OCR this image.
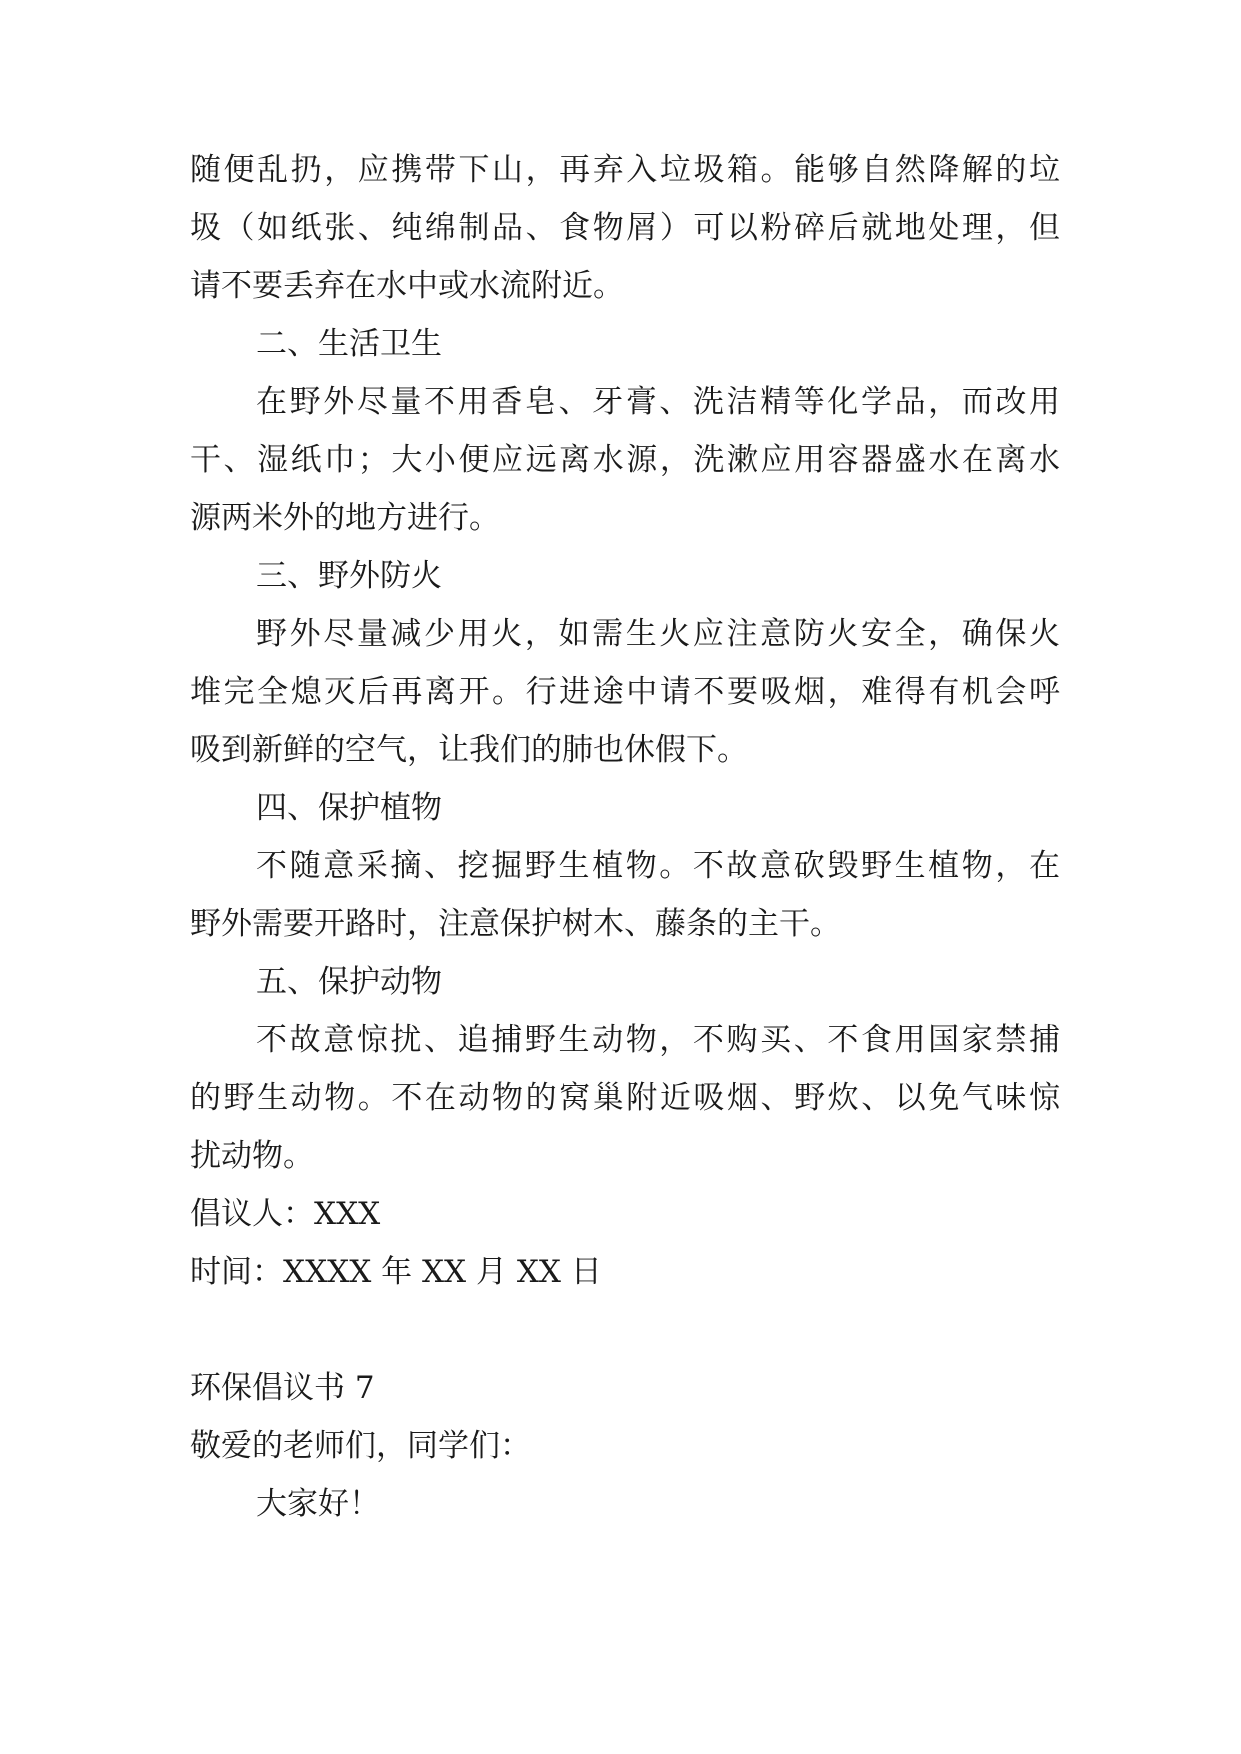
随便乱扔，应携带下山，再弃入垃圾箱。能够自然降解的垃
圾（如纸张、纯绵制品、食物屑）可以粉碎后就地处理，但
请不要丢弃在水中或水流附近。
二、生活卫生
在野外尽量不用香皂、牙膏、洗洁精等化学品，而改用
干、湿纸巾；大小便应远离水源，洗漱应用容器盛水在离水
源两米外的地方进行。
三、野外防火
野外尽量减少用火，如需生火应注意防火安全，确保火
堆完全熄灭后再离开。行进途中请不要吸烟，难得有机会呼
吸到新鲜的空气，让我们的肺也休假下。
四、保护植物
不随意采摘、挖掘野生植物。不故意砍毁野生植物，在
野外需要开路时，注意保护树木、藤条的主干。
五、保护动物
不故意惊扰、追捕野生动物，不购买、不食用国家禁捕
的野生动物。不在动物的窝巢附近吸烟、野炊、以免气味惊
扰动物。
倡议人：XXX
时间：XXXX 年 XX 月 XX 日
环保倡议书 7
敬爱的老师们，同学们：
大家好！
